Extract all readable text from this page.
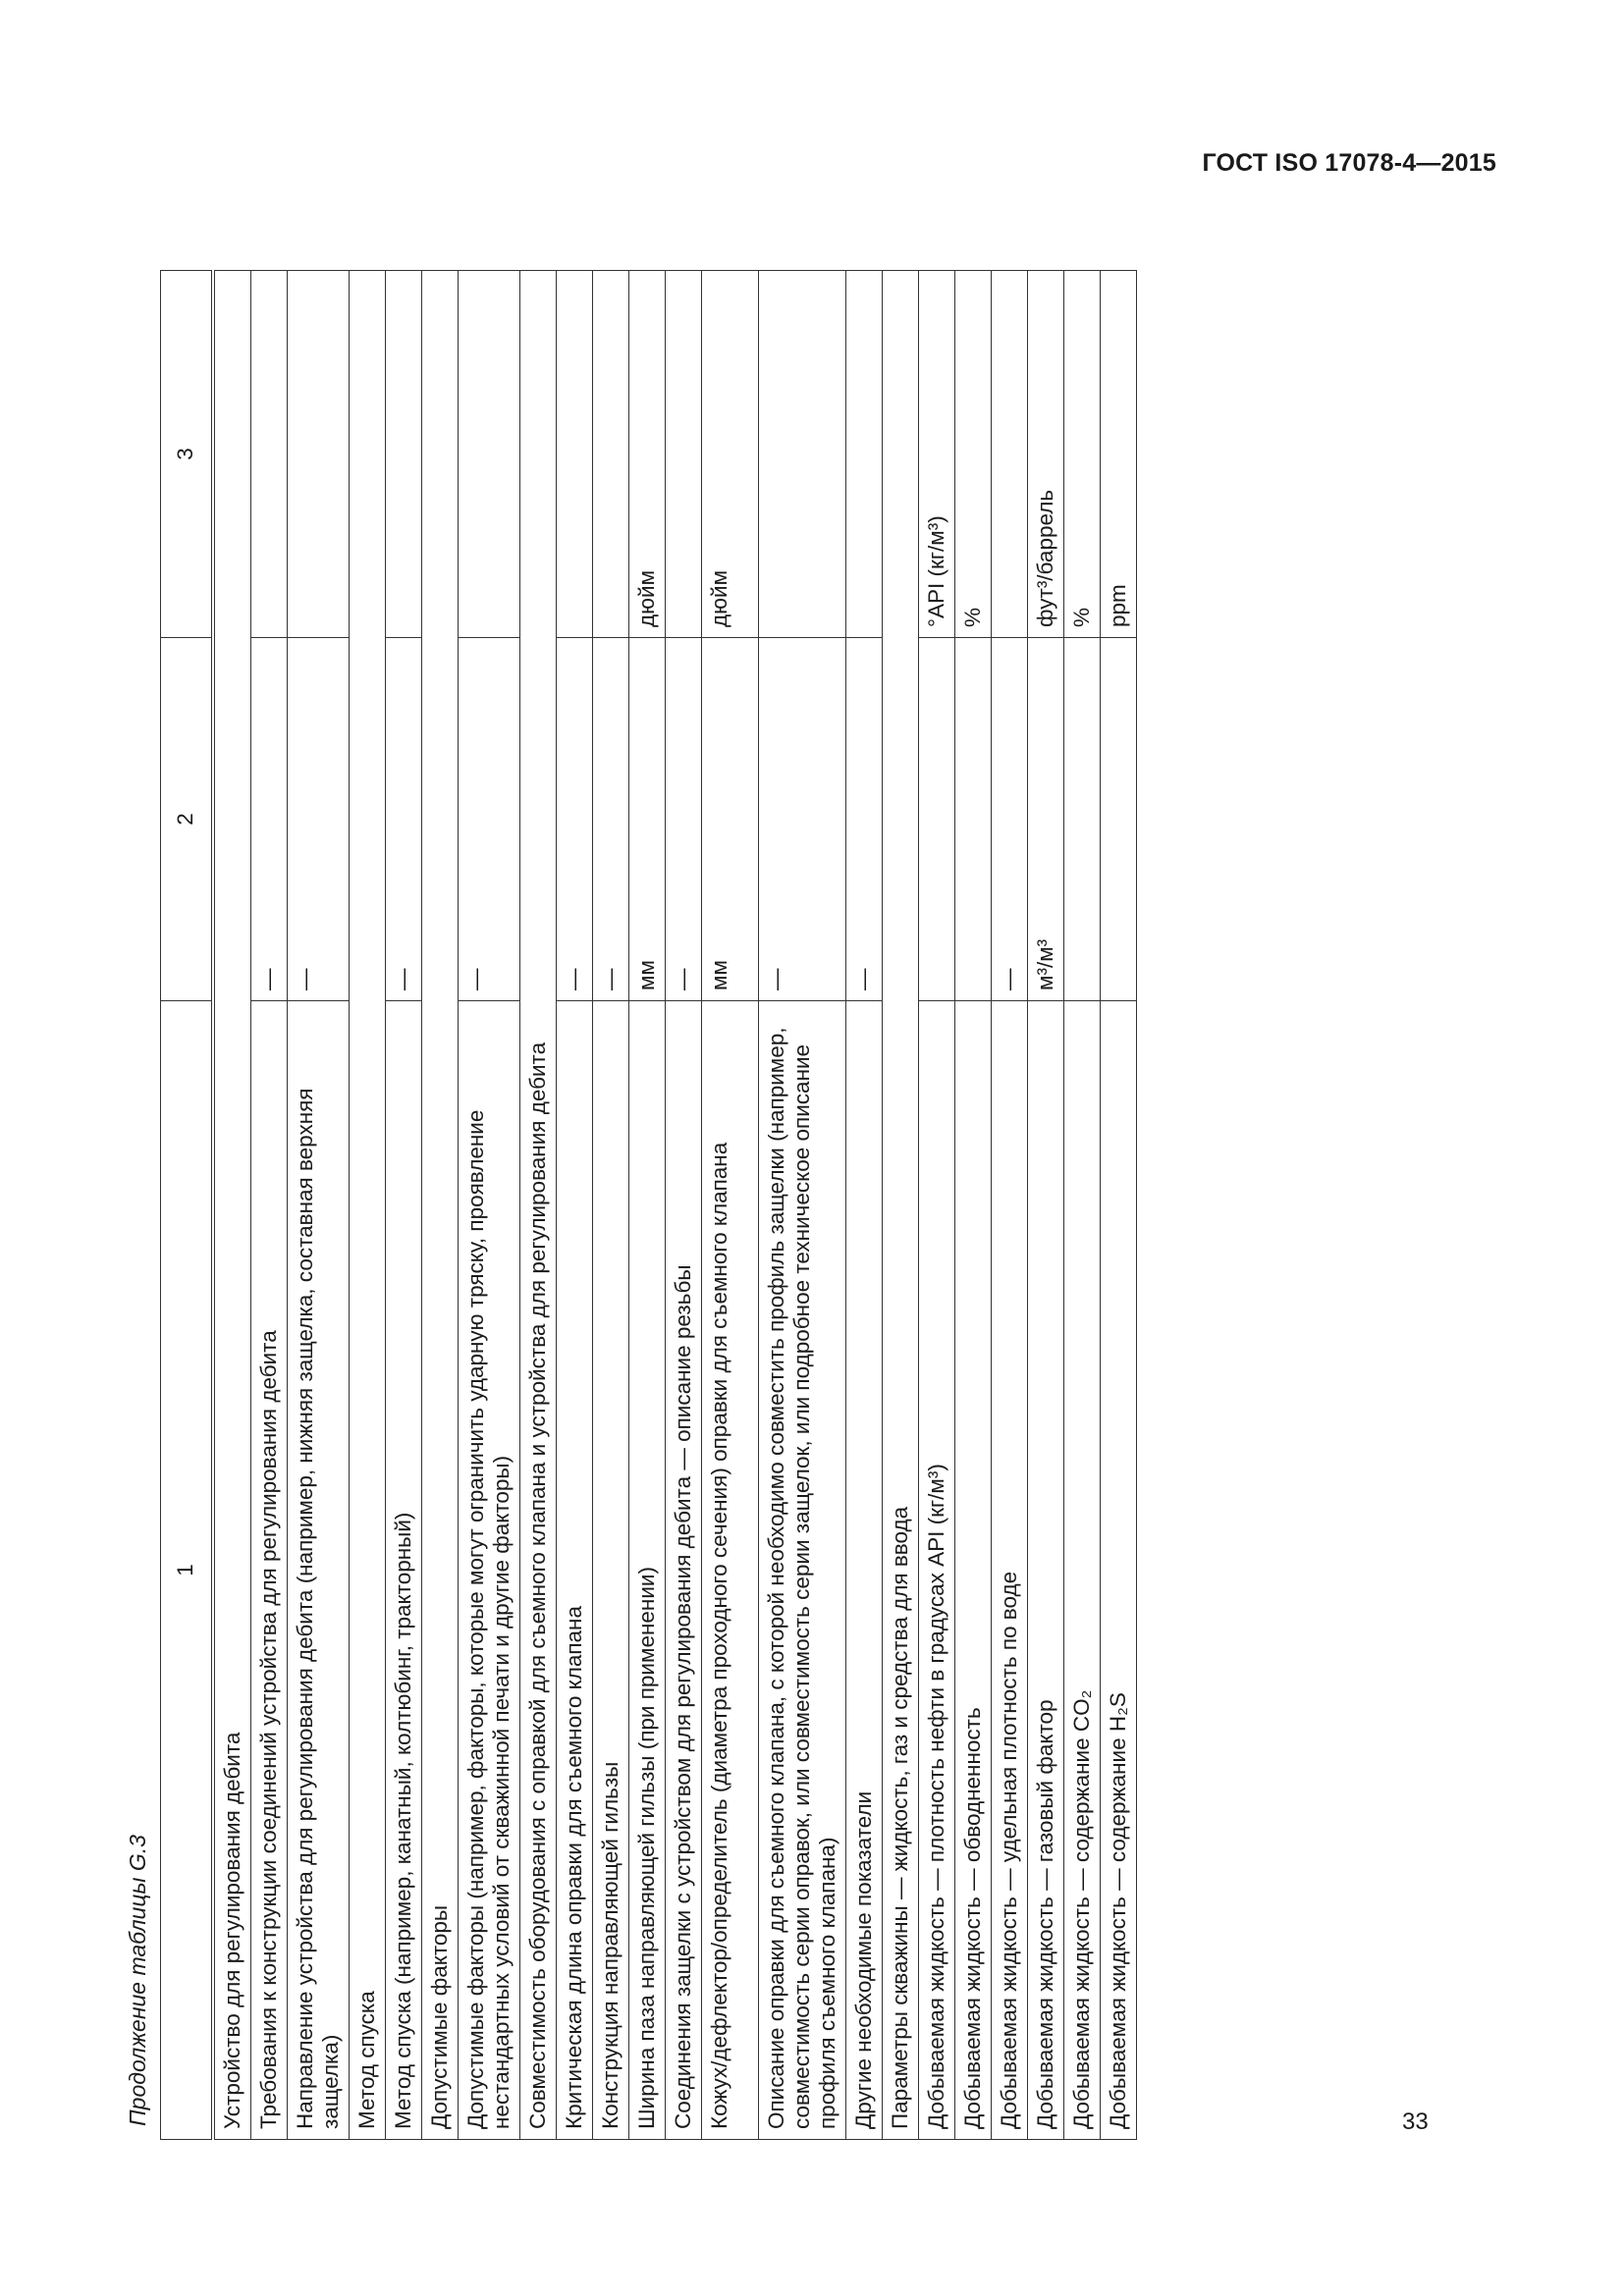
ГОСТ ISO 17078-4—2015
Продолжение таблицы G.3
1	2	3
Устройство для регулирования дебита		
Требования к конструкции соединений устройства для регулирования дебита	—	
Направление устройства для регулирования дебита (например, нижняя защелка, составная верхняя защелка)	—	
Метод спуска		
Метод спуска (например, канатный, колтюбинг, тракторный)	—	
Допустимые факторы		
Допустимые факторы (например, факторы, которые могут ограничить ударную тряску, проявление нестандартных условий от скважинной печати и другие факторы)	—	
Совместимость оборудования с оправкой для съемного клапана и устройства для регулирования дебита		
Критическая длина оправки для съемного клапана	—	
Конструкция направляющей гильзы	—	
Ширина паза направляющей гильзы (при применении)	мм	дюйм
Соединения защелки с устройством для регулирования дебита — описание резьбы	—	
Кожух/дефлектор/определитель (диаметра проходного сечения) оправки для съемного клапана	мм	дюйм
Описание оправки для съемного клапана, с которой необходимо совместить профиль защелки (например, совместимость серии оправок, или совместимость серии защелок, или подробное техническое описание профиля съемного клапана)	—	
Другие необходимые показатели	—	
Параметры скважины — жидкость, газ и средства для ввода		
Добываемая жидкость — плотность нефти в градусах API (кг/м³)		°API (кг/м³)
Добываемая жидкость — обводненность		%
Добываемая жидкость — удельная плотность по воде	—	
Добываемая жидкость — газовый фактор	м³/м³	фут³/баррель
Добываемая жидкость — содержание CO₂		%
Добываемая жидкость — содержание H₂S		ppm
33
